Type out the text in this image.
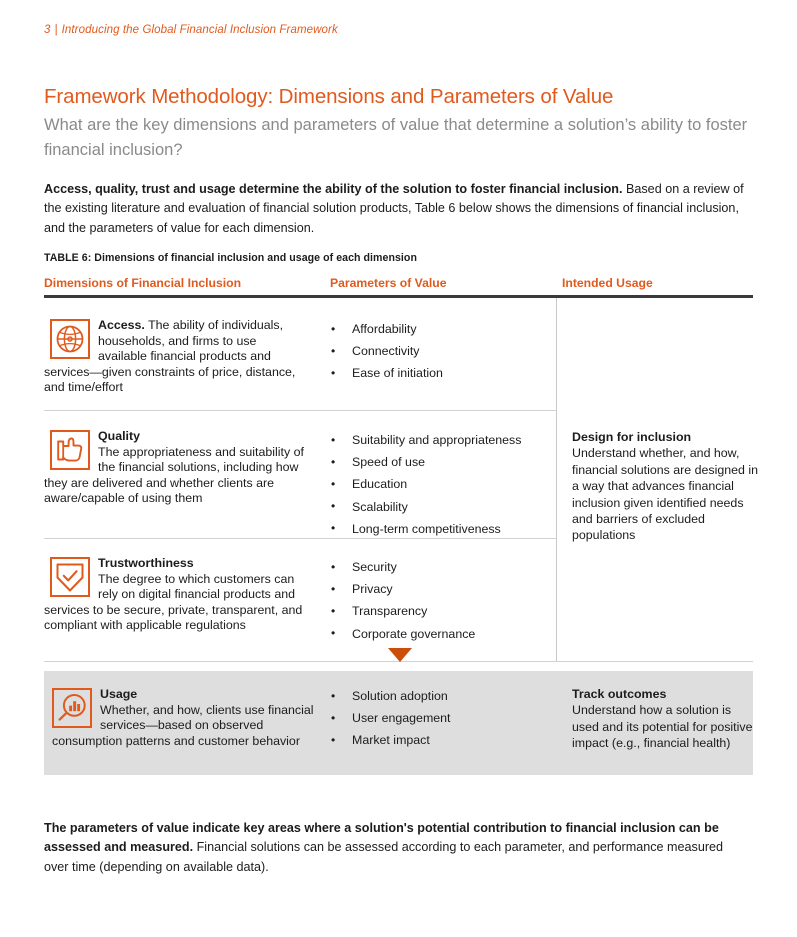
3 | Introducing the Global Financial Inclusion Framework
Framework Methodology: Dimensions and Parameters of Value
What are the key dimensions and parameters of value that determine a solution’s ability to foster financial inclusion?

Access, quality, trust and usage determine the ability of the solution to foster financial inclusion. Based on a review of the existing literature and evaluation of financial solution products, Table 6 below shows the dimensions of financial inclusion, and the parameters of value for each dimension.

TABLE 6: Dimensions of financial inclusion and usage of each dimension
Dimensions of Financial Inclusion	Parameters of Value	Intended Usage
Access. The ability of individuals, households, and firms to use available financial products and services—given constraints of price, distance, and time/effort
• Affordability
• Connectivity
• Ease of initiation
Quality
The appropriateness and suitability of the financial solutions, including how they are delivered and whether clients are aware/capable of using them
• Suitability and appropriateness
• Speed of use
• Education
• Scalability
• Long-term competitiveness
Trustworthiness
The degree to which customers can rely on digital financial products and services to be secure, private, transparent, and compliant with applicable regulations
• Security
• Privacy
• Transparency
• Corporate governance
Design for inclusion
Understand whether, and how, financial solutions are designed in a way that advances financial inclusion given identified needs and barriers of excluded populations
Usage
Whether, and how, clients use financial services—based on observed consumption patterns and customer behavior
• Solution adoption
• User engagement
• Market impact
Track outcomes
Understand how a solution is used and its potential for positive impact (e.g., financial health)

The parameters of value indicate key areas where a solution's potential contribution to financial inclusion can be assessed and measured. Financial solutions can be assessed according to each parameter, and performance measured over time (depending on available data).
